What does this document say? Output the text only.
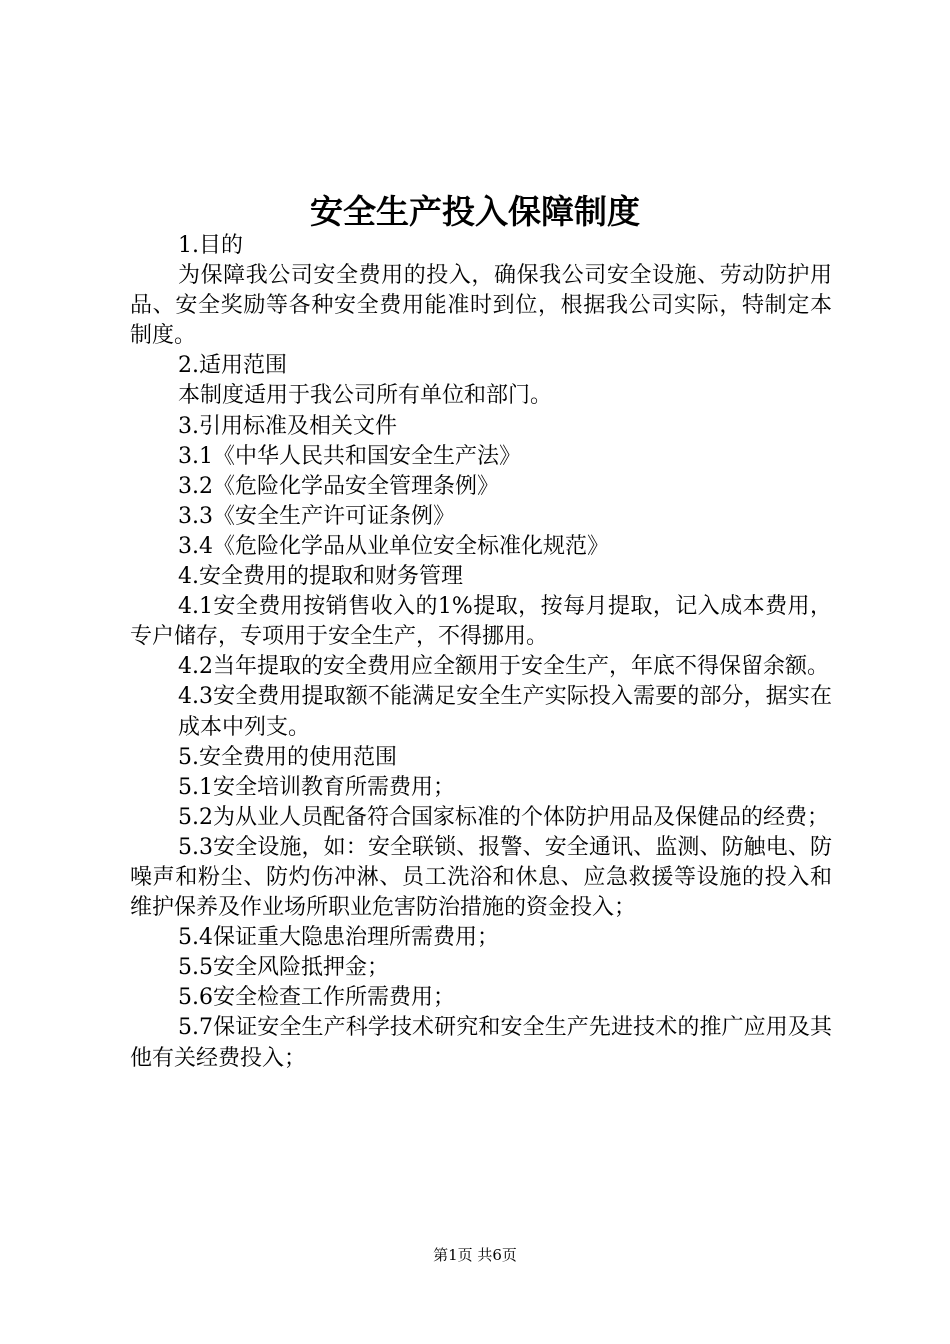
安全生产投入保障制度

1.目的

为保障我公司安全费用的投入，确保我公司安全设施、劳动防护用品、安全奖励等各种安全费用能准时到位，根据我公司实际，特制定本制度。

2.适用范围

本制度适用于我公司所有单位和部门。

3.引用标准及相关文件

3.1《中华人民共和国安全生产法》

3.2《危险化学品安全管理条例》

3.3《安全生产许可证条例》

3.4《危险化学品从业单位安全标准化规范》

4.安全费用的提取和财务管理

4.1安全费用按销售收入的1%提取，按每月提取，记入成本费用，专户储存，专项用于安全生产，不得挪用。

4.2当年提取的安全费用应全额用于安全生产，年底不得保留余额。

4.3安全费用提取额不能满足安全生产实际投入需要的部分，据实在成本中列支。

5.安全费用的使用范围

5.1安全培训教育所需费用；

5.2为从业人员配备符合国家标准的个体防护用品及保健品的经费；

5.3安全设施，如：安全联锁、报警、安全通讯、监测、防触电、防噪声和粉尘、防灼伤冲淋、员工洗浴和休息、应急救援等设施的投入和维护保养及作业场所职业危害防治措施的资金投入；

5.4保证重大隐患治理所需费用；

5.5安全风险抵押金；

5.6安全检查工作所需费用；

5.7保证安全生产科学技术研究和安全生产先进技术的推广应用及其他有关经费投入；

第1页 共6页
